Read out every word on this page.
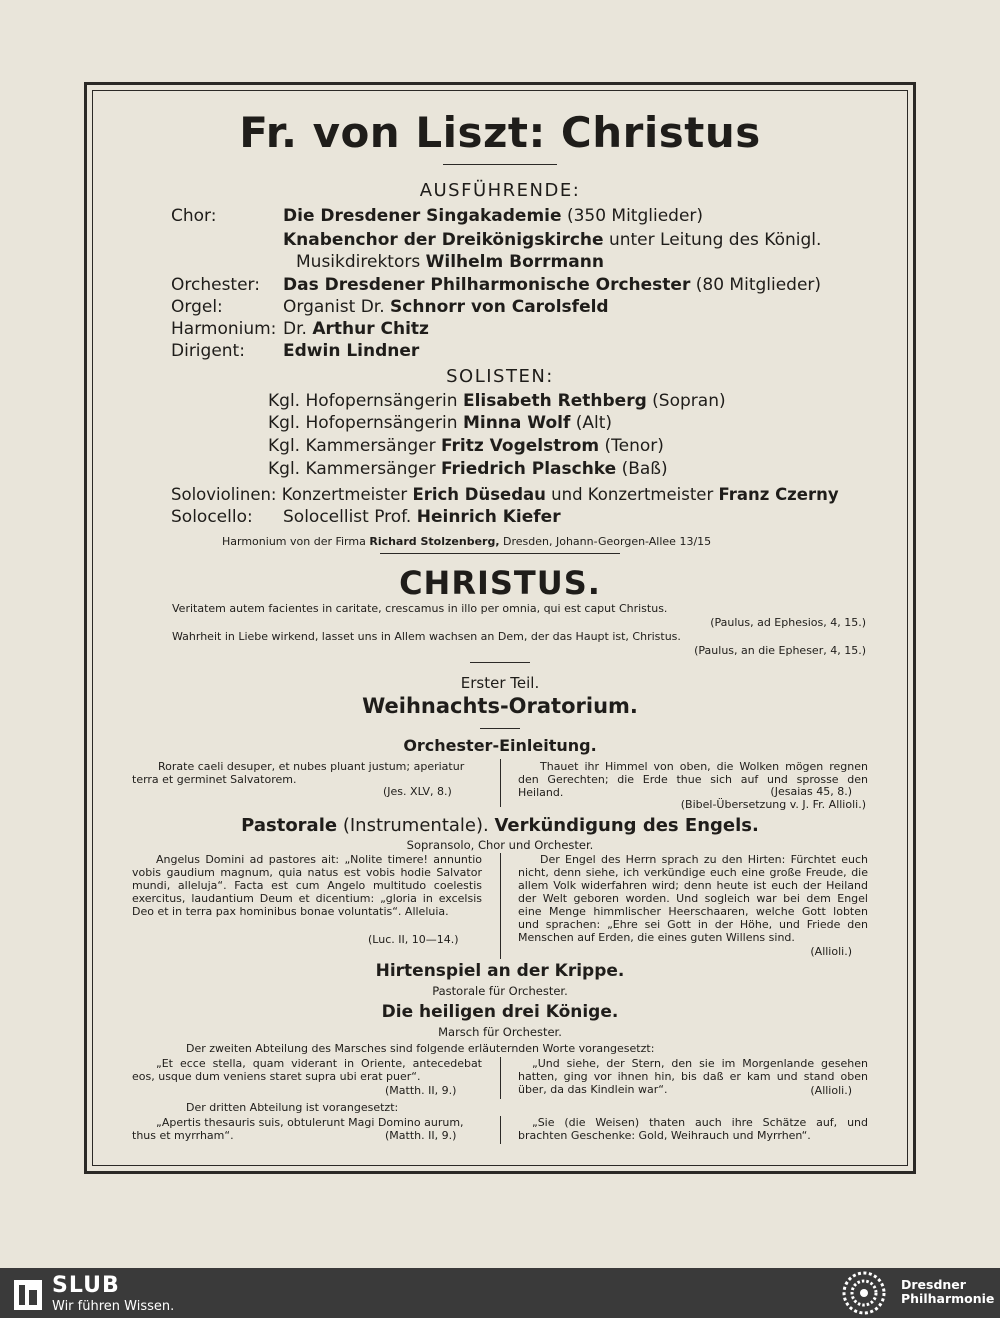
Fr. von Liszt: Christus
AUSFÜHRENDE:
Chor:	Die Dresdener Singakademie (350 Mitglieder)
Knabenchor der Dreikönigskirche unter Leitung des Königl.
Musikdirektors Wilhelm Borrmann
Orchester: Das Dresdener Philharmonische Orchester (80 Mitglieder)
Orgel:	Organist Dr. Schnorr von Carolsfeld
Harmonium: Dr. Arthur Chitz
Dirigent: Edwin Lindner
SOLISTEN:
Kgl. Hofopernsängerin Elisabeth Rethberg (Sopran)
Kgl. Hofopernsängerin Minna Wolf (Alt)
Kgl. Kammersänger Fritz Vogelstrom (Tenor)
Kgl. Kammersänger Friedrich Plaschke (Baß)
Soloviolinen: Konzertmeister Erich Düsedau und Konzertmeister Franz Czerny
Solocello: Solocellist Prof. Heinrich Kiefer
Harmonium von der Firma Richard Stolzenberg, Dresden, Johann-Georgen-Allee 13/15
CHRISTUS.
Veritatem autem facientes in caritate, crescamus in illo per omnia, qui est caput Christus.
(Paulus, ad Ephesios, 4, 15.)
Wahrheit in Liebe wirkend, lasset uns in Allem wachsen an Dem, der das Haupt ist, Christus.
(Paulus, an die Epheser, 4, 15.)
Erster Teil.
Weihnachts-Oratorium.
Orchester-Einleitung.
Rorate caeli desuper, et nubes pluant justum; aperiatur terra et germinet Salvatorem.
(Jes. XLV, 8.)
Thauet ihr Himmel von oben, die Wolken mögen regnen den Gerechten; die Erde thue sich auf und sprosse den Heiland.	(Jesaias 45, 8.)
(Bibel-Übersetzung v. J. Fr. Allioli.)
Pastorale (Instrumentale). Verkündigung des Engels.
Sopransolo, Chor und Orchester.
Angelus Domini ad pastores ait: „Nolite timere! annuntio vobis gaudium magnum, quia natus est vobis hodie Salvator mundi, alleluja“. Facta est cum Angelo multitudo coelestis exercitus, laudantium Deum et dicentium: „gloria in excelsis Deo et in terra pax hominibus bonae voluntatis“. Alleluia.
(Luc. II, 10—14.)
Der Engel des Herrn sprach zu den Hirten: Fürchtet euch nicht, denn siehe, ich verkündige euch eine große Freude, die allem Volk widerfahren wird; denn heute ist euch der Heiland der Welt geboren worden. Und sogleich war bei dem Engel eine Menge himmlischer Heerschaaren, welche Gott lobten und sprachen: „Ehre sei Gott in der Höhe, und Friede den Menschen auf Erden, die eines guten Willens sind.
(Allioli.)
Hirtenspiel an der Krippe.
Pastorale für Orchester.
Die heiligen drei Könige.
Marsch für Orchester.
Der zweiten Abteilung des Marsches sind folgende erläuternden Worte vorangesetzt:
„Et ecce stella, quam viderant in Oriente, antecedebat eos, usque dum veniens staret supra ubi erat puer“.
(Matth. II, 9.)
„Und siehe, der Stern, den sie im Morgenlande gesehen hatten, ging vor ihnen hin, bis daß er kam und stand oben über, da das Kindlein war“.	(Allioli.)
Der dritten Abteilung ist vorangesetzt:
„Apertis thesauris suis, obtulerunt Magi Domino aurum, thus et myrrham“.	(Matth. II, 9.)
„Sie (die Weisen) thaten auch ihre Schätze auf, und brachten Geschenke: Gold, Weihrauch und Myrrhen“.
SLUB
Wir führen Wissen.
Dresdner
Philharmonie
